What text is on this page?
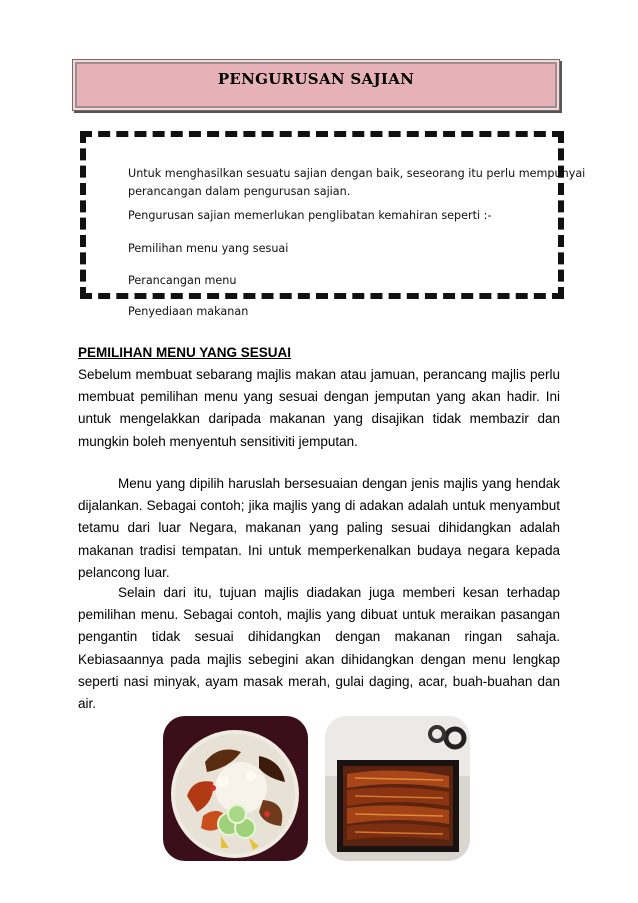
PENGURUSAN SAJIAN
Untuk menghasilkan sesuatu sajian dengan baik, seseorang itu perlu mempunyai
perancangan dalam pengurusan sajian.
Pengurusan sajian memerlukan penglibatan kemahiran seperti :-
Pemilihan menu yang sesuai
Perancangan menu
Penyediaan makanan
PEMILIHAN MENU YANG SESUAI

Sebelum membuat sebarang majlis makan atau jamuan, perancang majlis perlu membuat pemilihan menu yang sesuai dengan jemputan yang akan hadir. Ini untuk mengelakkan daripada makanan yang disajikan tidak membazir dan mungkin boleh menyentuh sensitiviti jemputan.

Menu yang dipilih haruslah bersesuaian dengan jenis majlis yang hendak dijalankan. Sebagai contoh; jika majlis yang di adakan adalah untuk menyambut tetamu dari luar Negara, makanan yang paling sesuai dihidangkan adalah makanan tradisi tempatan. Ini untuk memperkenalkan budaya negara kepada pelancong luar.

Selain dari itu, tujuan majlis diadakan juga memberi kesan terhadap pemilihan menu. Sebagai contoh, majlis yang dibuat untuk meraikan pasangan pengantin tidak sesuai dihidangkan dengan makanan ringan sahaja. Kebiasaannya pada majlis sebegini akan dihidangkan dengan menu lengkap seperti nasi minyak, ayam masak merah, gulai daging, acar, buah-buahan dan air.
